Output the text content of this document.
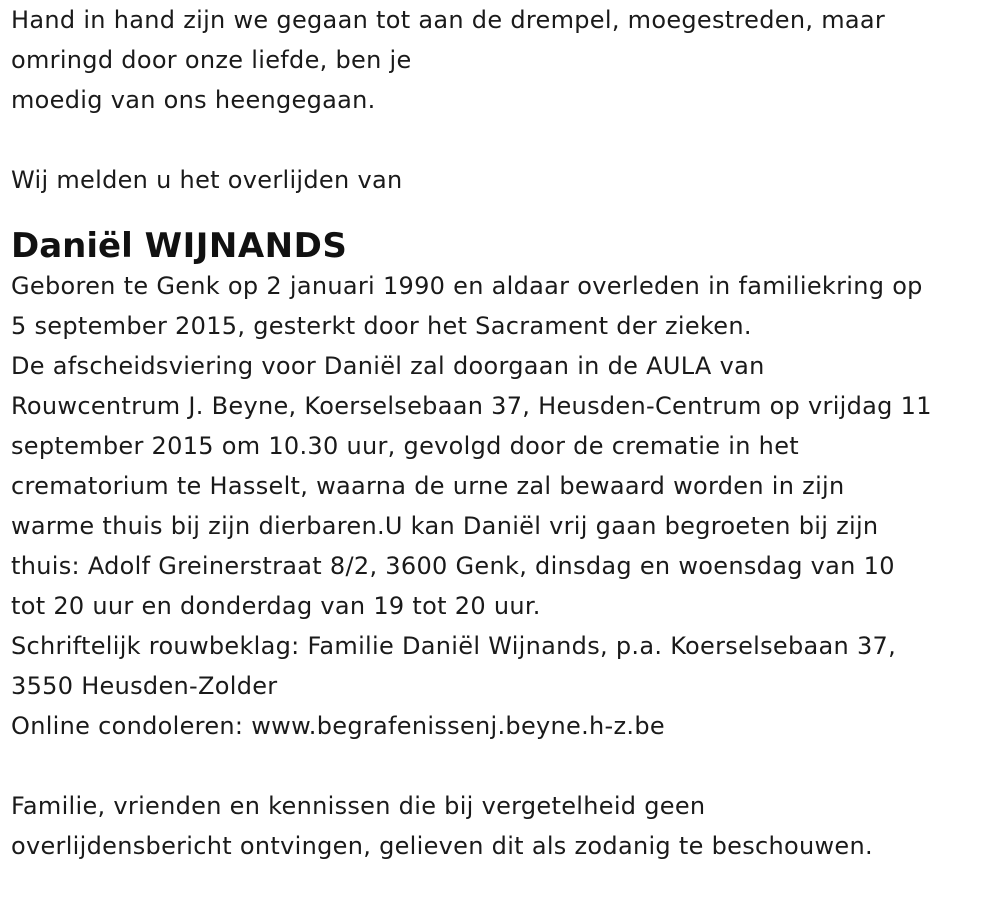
Hand in hand zijn we gegaan tot aan de drempel, moegestreden, maar
omringd door onze liefde, ben je
moedig van ons heengegaan.
Wij melden u het overlijden van
Daniël WIJNANDS
Geboren te Genk op 2 januari 1990 en aldaar overleden in familiekring op
5 september 2015, gesterkt door het Sacrament der zieken.
De afscheidsviering voor Daniël zal doorgaan in de AULA van
Rouwcentrum J. Beyne, Koerselsebaan 37, Heusden-Centrum op vrijdag 11
september 2015 om 10.30 uur, gevolgd door de crematie in het
crematorium te Hasselt, waarna de urne zal bewaard worden in zijn
warme thuis bij zijn dierbaren.U kan Daniël vrij gaan begroeten bij zijn
thuis: Adolf Greinerstraat 8/2, 3600 Genk, dinsdag en woensdag van 10
tot 20 uur en donderdag van 19 tot 20 uur.
Schriftelijk rouwbeklag: Familie Daniël Wijnands, p.a. Koerselsebaan 37,
3550 Heusden-Zolder
Online condoleren: www.begrafenissenj.beyne.h-z.be
Familie, vrienden en kennissen die bij vergetelheid geen
overlijdensbericht ontvingen, gelieven dit als zodanig te beschouwen.
